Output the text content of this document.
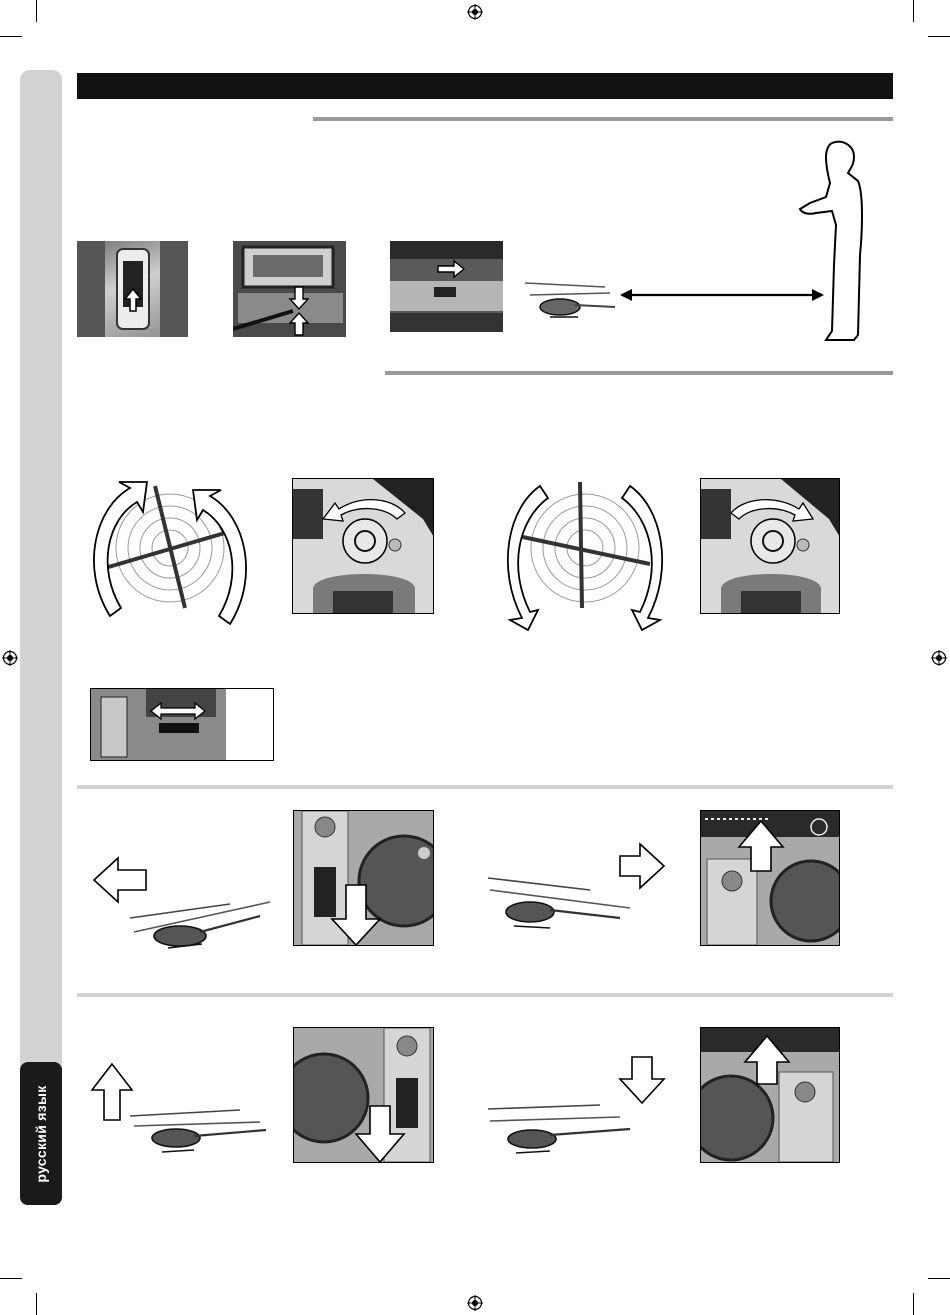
русский язык
